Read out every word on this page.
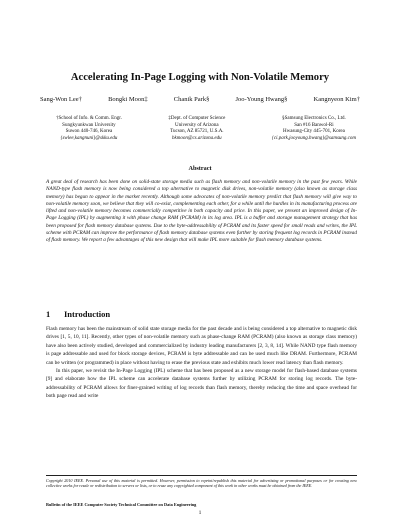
Accelerating In-Page Logging with Non-Volatile Memory
Sang-Won Lee†	Bongki Moon‡	Chanik Park§	Joo-Young Hwang§	Kangnyeon Kim†
†School of Info. & Comm. Engr.
Sungkyunkwan University
Suwon 440-746, Korea
{swlee,kangnuni}@skku.edu
‡Dept. of Computer Science
University of Arizona
Tucson, AZ 85721, U.S.A.
bkmoon@cs.arizona.edu
§Samsung Electronics Co., Ltd.
San #16 Banwol-Ri
Hwasung-City 445-701, Korea
{ci.park,jooyoung.hwang}@samsung.com
Abstract
A great deal of research has been done on solid-state storage media such as flash memory and non-volatile memory in the past few years. While NAND-type flash memory is now being considered a top alternative to magnetic disk drives, non-volatile memory (also known as storage class memory) has begun to appear in the market recently. Although some advocates of non-volatile memory predict that flash memory will give way to non-volatile memory soon, we believe that they will co-exist, complementing each other, for a while until the hurdles in its manufacturing process are lifted and non-volatile memory becomes commercially competitive in both capacity and price. In this paper, we present an improved design of In-Page Logging (IPL) by augmenting it with phase change RAM (PCRAM) in its log area. IPL is a buffer and storage management strategy that has been proposed for flash memory database systems. Due to the byte-addressability of PCRAM and its faster speed for small reads and writes, the IPL scheme with PCRAM can improve the performance of flash memory database systems even further by storing frequent log records in PCRAM instead of flash memory. We report a few advantages of this new design that will make IPL more suitable for flash memory database systems.
1 Introduction

Flash memory has been the mainstream of solid state storage media for the past decade and is being considered a top alternative to magnetic disk drives [1, 5, 10, 11]. Recently, other types of non-volatile memory such as phase-change RAM (PCRAM) (also known as storage class memory) have also been actively studied, developed and commercialized by industry leading manufacturers [2, 3, 8, 14]. While NAND type flash memory is page addressable and used for block storage devices, PCRAM is byte addressable and can be used much like DRAM. Furthermore, PCRAM can be written (or programmed) in place without having to erase the previous state and exhibits much lower read latency than flash memory.

In this paper, we revisit the In-Page Logging (IPL) scheme that has been proposed as a new storage model for flash-based database systems [9] and elaborate how the IPL scheme can accelerate database systems further by utilizing PCRAM for storing log records. The byte-addressability of PCRAM allows for finer-grained writing of log records than flash memory, thereby reducing the time and space overhead for both page read and write

Copyright 2010 IEEE. Personal use of this material is permitted. However, permission to reprint/republish this material for advertising or promotional purposes or for creating new collective works for resale or redistribution to servers or lists, or to reuse any copyrighted component of this work in other works must be obtained from the IEEE.
Bulletin of the IEEE Computer Society Technical Committee on Data Engineering
1
